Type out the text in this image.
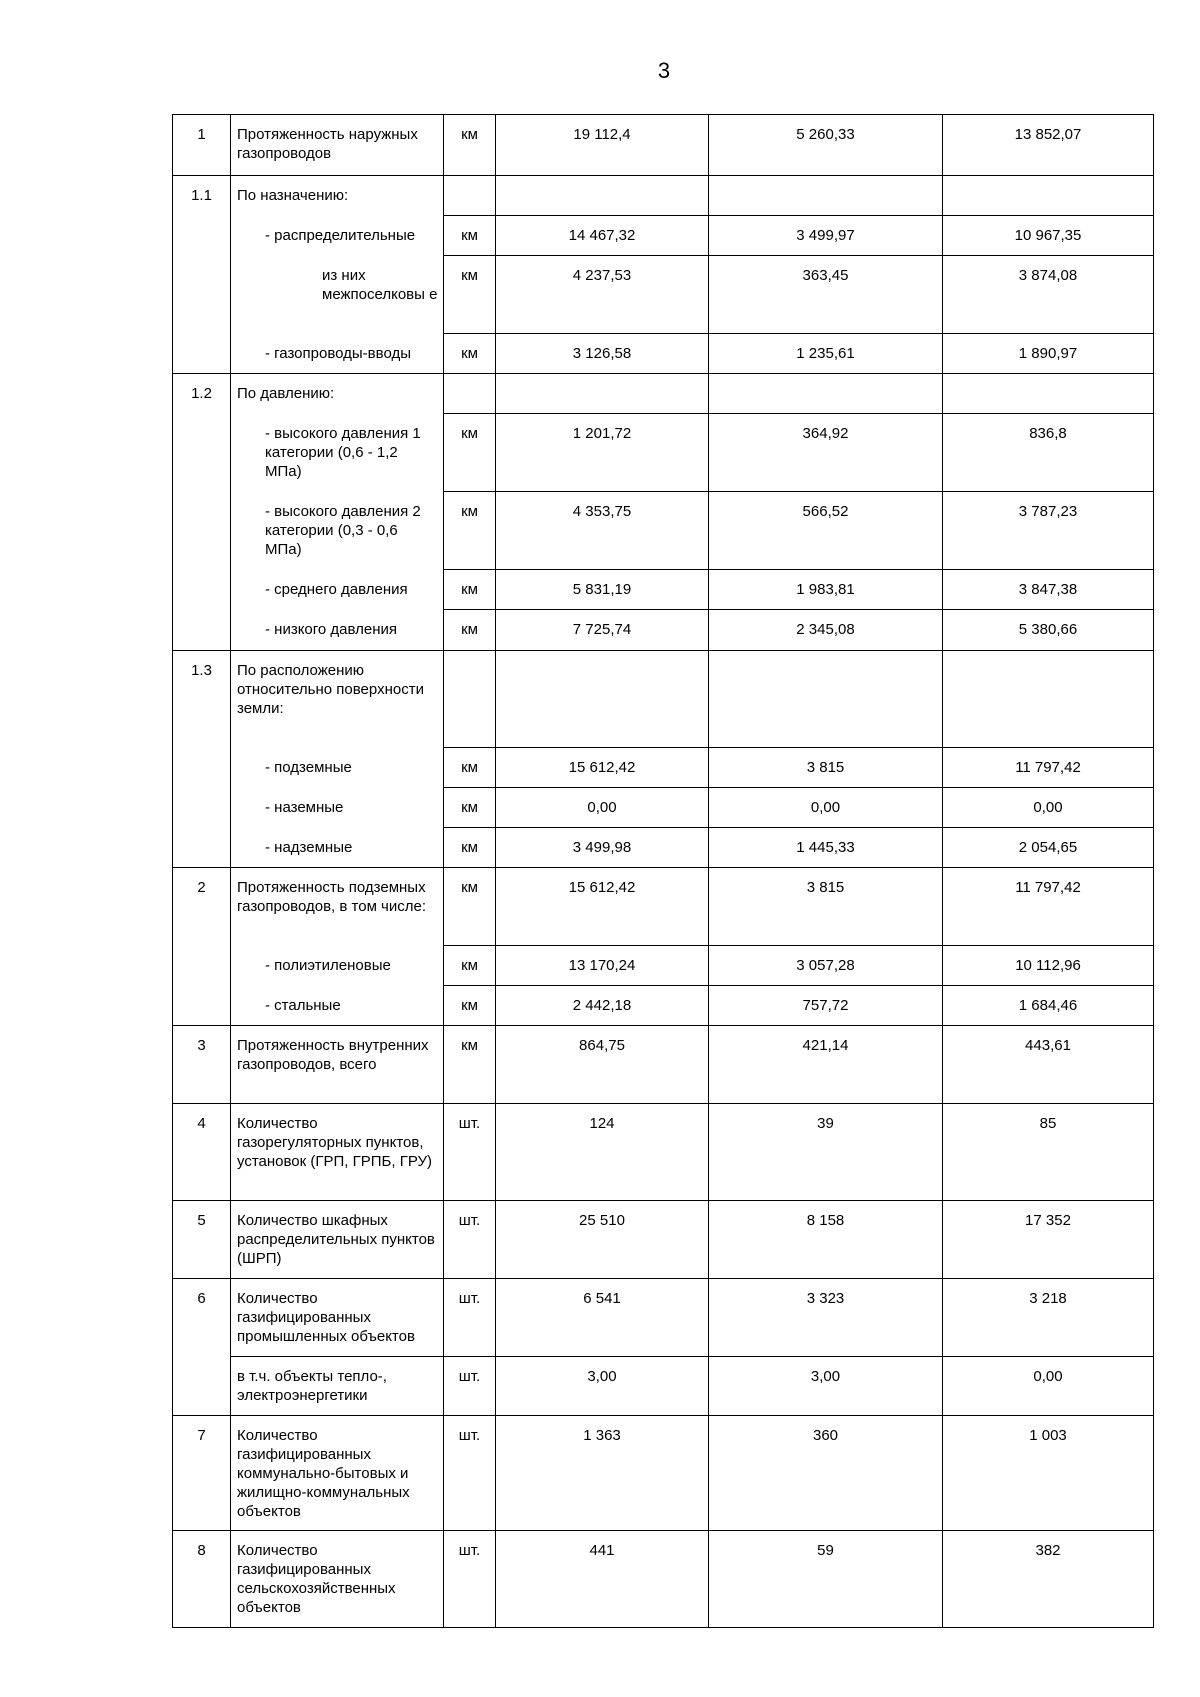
3
1	Протяженность наружных газопроводов	км	19 112,4	5 260,33	13 852,07
1.1	По назначению:				
	- распределительные	км	14 467,32	3 499,97	10 967,35
	из них межпоселковы е	км	4 237,53	363,45	3 874,08
	- газопроводы-вводы	км	3 126,58	1 235,61	1 890,97
1.2	По давлению:				
	- высокого давления 1 категории (0,6 - 1,2 МПа)	км	1 201,72	364,92	836,8
	- высокого давления 2 категории (0,3 - 0,6 МПа)	км	4 353,75	566,52	3 787,23
	- среднего давления	км	5 831,19	1 983,81	3 847,38
	- низкого давления	км	7 725,74	2 345,08	5 380,66
1.3	По расположению относительно поверхности земли:				
	- подземные	км	15 612,42	3 815	11 797,42
	- наземные	км	0,00	0,00	0,00
	- надземные	км	3 499,98	1 445,33	2 054,65
2	Протяженность подземных газопроводов, в том числе:	км	15 612,42	3 815	11 797,42
	- полиэтиленовые	км	13 170,24	3 057,28	10 112,96
	- стальные	км	2 442,18	757,72	1 684,46
3	Протяженность внутренних газопроводов, всего	км	864,75	421,14	443,61
4	Количество газорегуляторных пунктов, установок (ГРП, ГРПБ, ГРУ)	шт.	124	39	85
5	Количество шкафных распределительных пунктов (ШРП)	шт.	25 510	8 158	17 352
6	Количество газифицированных промышленных объектов	шт.	6 541	3 323	3 218
	в т.ч. объекты тепло-, электроэнергетики	шт.	3,00	3,00	0,00
7	Количество газифицированных коммунально-бытовых и жилищно-коммунальных объектов	шт.	1 363	360	1 003
8	Количество газифицированных сельскохозяйственных объектов	шт.	441	59	382
